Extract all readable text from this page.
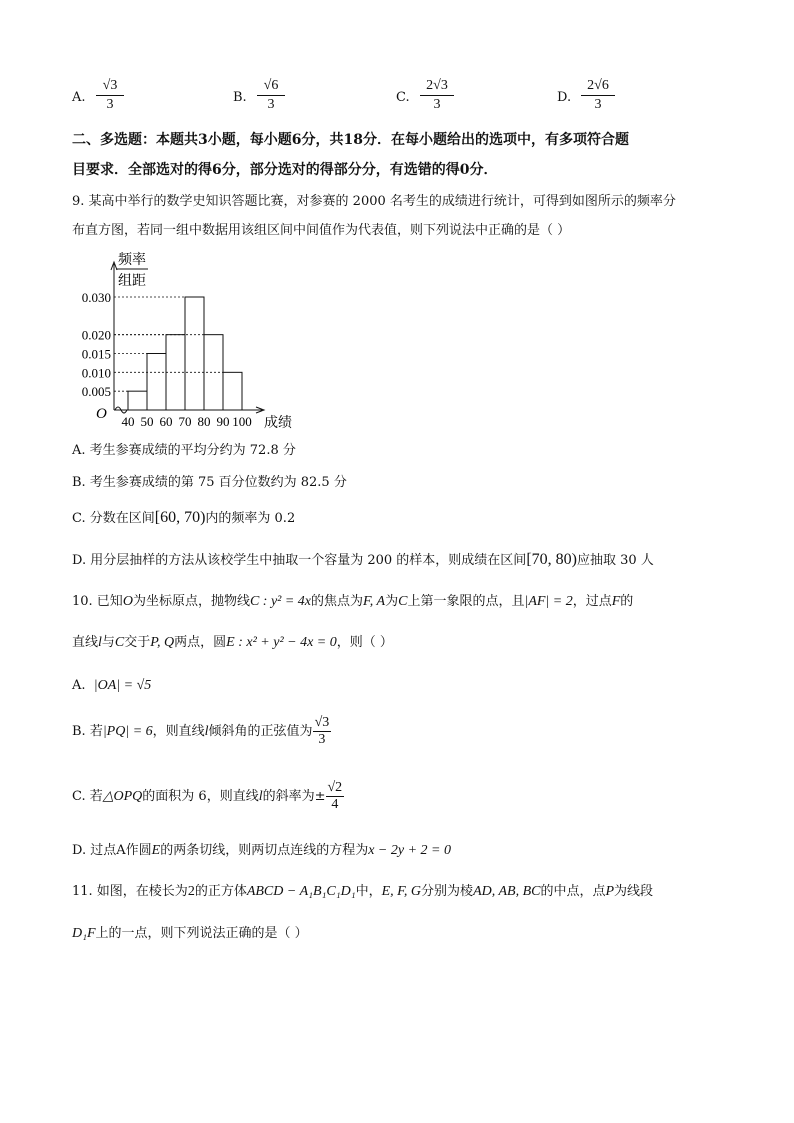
A. $\frac{√3}{3}$	B. $\frac{√6}{3}$	C. $\frac{2√3}{3}$	D. $\frac{2√6}{3}$
二、多选题：本题共3小题，每小题6分，共18分．在每小题给出的选项中，有多项符合题
目要求．全部选对的得6分，部分选对的得部分分，有选错的得0分．
9. 某高中举行的数学史知识答题比赛，对参赛的 2000 名考生的成绩进行统计，可得到如图所示的频率分
布直方图，若同一组中数据用该组区间中间值作为代表值，则下列说法中正确的是（ ）
频率
组距
0.030
0.020
0.015
0.010
0.005
40 50 60 70 80 90 100
O
成绩
A. 考生参赛成绩的平均分约为 72.8 分
B. 考生参赛成绩的第 75 百分位数约为 82.5 分
C. 分数在区间[60, 70)内的频率为 0.2
D. 用分层抽样的方法从该校学生中抽取一个容量为 200 的样本，则成绩在区间[70, 80)应抽取 30 人
10. 已知O为坐标原点，抛物线C : y² = 4x的焦点为F, A为C上第一象限的点，且|AF| = 2，过点F的
直线l与C交于P, Q两点，圆E : x² + y² − 4x = 0，则（ ）
A. |OA| = √5
B. 若|PQ| = 6，则直线l倾斜角的正弦值为 $\frac{√3}{3}$
C. 若△OPQ的面积为 6，则直线l的斜率为± $\frac{√2}{4}$
D. 过点A作圆E的两条切线，则两切点连线的方程为x − 2y + 2 = 0
11. 如图，在棱长为2的正方体ABCD − A₁B₁C₁D₁中，E, F, G分别为棱AD, AB, BC的中点，点P为线段
D₁F上的一点，则下列说法正确的是（ ）
